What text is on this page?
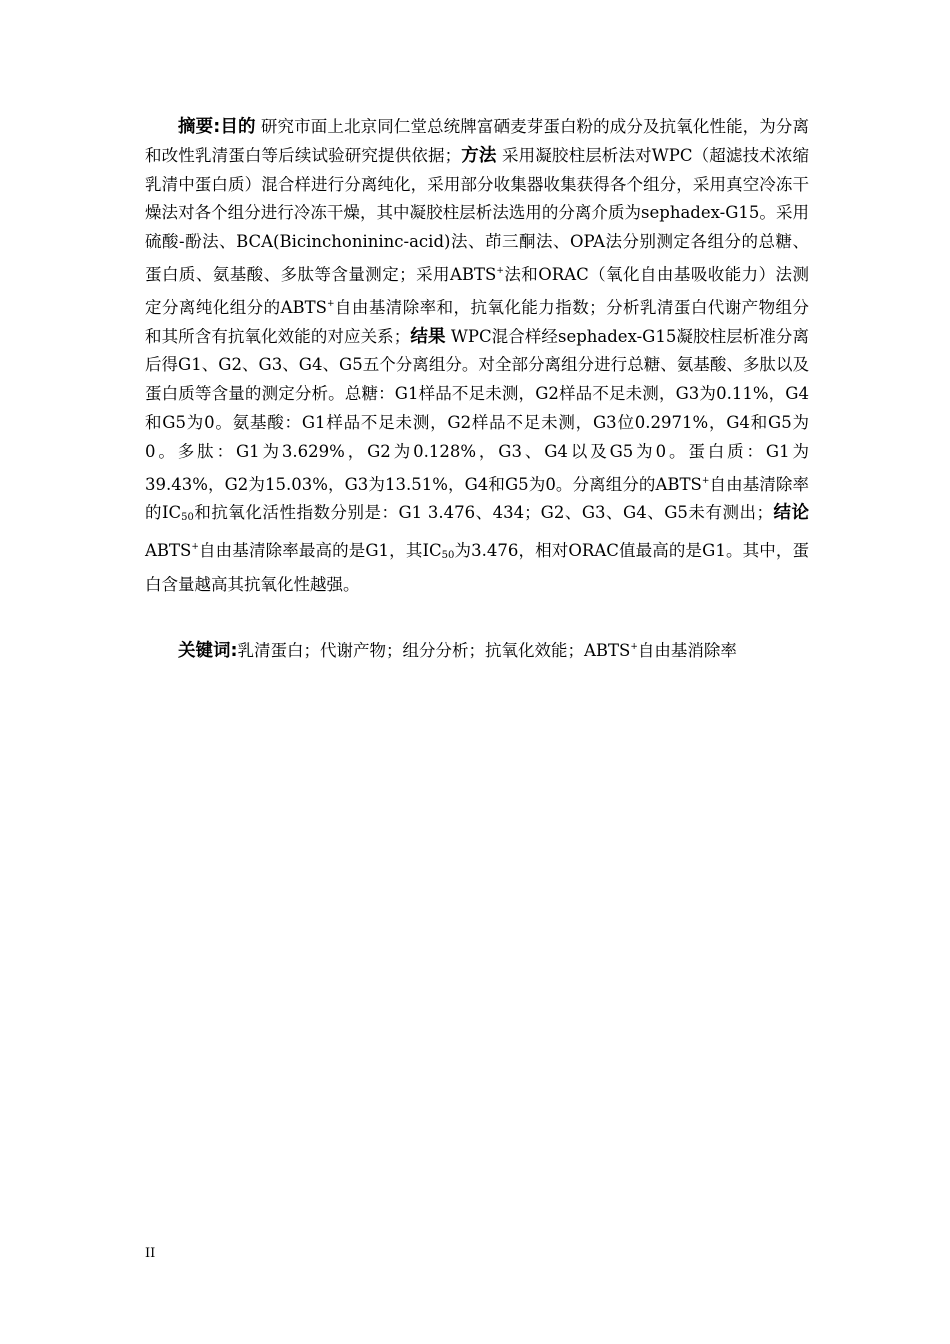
摘要:目的 研究市面上北京同仁堂总统牌富硒麦芽蛋白粉的成分及抗氧化性能，为分离和改性乳清蛋白等后续试验研究提供依据；方法 采用凝胶柱层析法对WPC（超滤技术浓缩乳清中蛋白质）混合样进行分离纯化，采用部分收集器收集获得各个组分，采用真空冷冻干燥法对各个组分进行冷冻干燥，其中凝胶柱层析法选用的分离介质为sephadex-G15。采用硫酸-酚法、BCA(Bicinchonininc-acid)法、茚三酮法、OPA法分别测定各组分的总糖、蛋白质、氨基酸、多肽等含量测定；采用ABTS+法和ORAC（氧化自由基吸收能力）法测定分离纯化组分的ABTS+自由基清除率和，抗氧化能力指数；分析乳清蛋白代谢产物组分和其所含有抗氧化效能的对应关系；结果 WPC混合样经sephadex-G15凝胶柱层析准分离后得G1、G2、G3、G4、G5五个分离组分。对全部分离组分进行总糖、氨基酸、多肽以及蛋白质等含量的测定分析。总糖：G1样品不足未测，G2样品不足未测，G3为0.11%，G4和G5为0。氨基酸：G1样品不足未测，G2样品不足未测，G3位0.2971%，G4和G5为0。多肽：G1为3.629%，G2为0.128%，G3、G4以及G5为0。蛋白质：G1为39.43%，G2为15.03%，G3为13.51%，G4和G5为0。分离组分的ABTS+自由基清除率的$IC_{50}$和抗氧化活性指数分别是：G1 3.476、434；G2、G3、G4、G5未有测出；结论 ABTS+自由基清除率最高的是G1，其$IC_{50}$为3.476，相对ORAC值最高的是G1。其中，蛋白含量越高其抗氧化性越强。

关键词:乳清蛋白；代谢产物；组分分析；抗氧化效能；ABTS+自由基消除率

II
